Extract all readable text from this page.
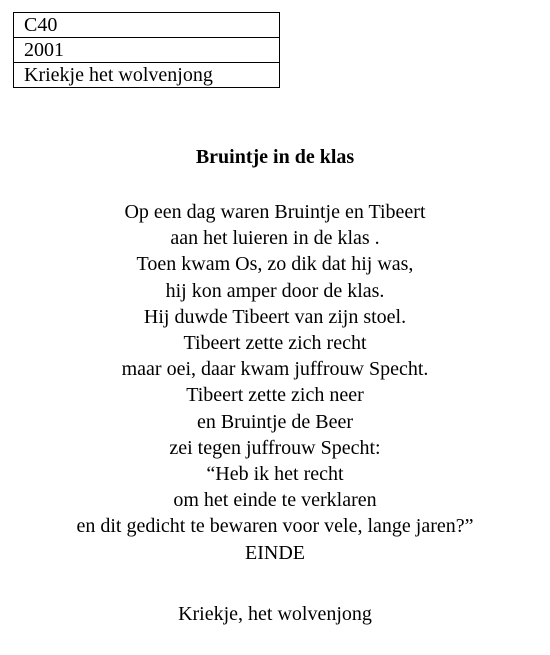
C40
2001
Kriekje het wolvenjong
Bruintje in de klas
Op een dag waren Bruintje en Tibeert
aan het luieren in de klas .
Toen kwam Os, zo dik dat hij was,
hij kon amper door de klas.
Hij duwde Tibeert van zijn stoel.
Tibeert zette zich recht
maar oei, daar kwam juffrouw Specht.
Tibeert zette zich neer
en Bruintje de Beer
zei tegen juffrouw Specht:
“Heb ik het recht
om het einde te verklaren
en dit gedicht te bewaren voor vele, lange jaren?”
EINDE

Kriekje, het wolvenjong
